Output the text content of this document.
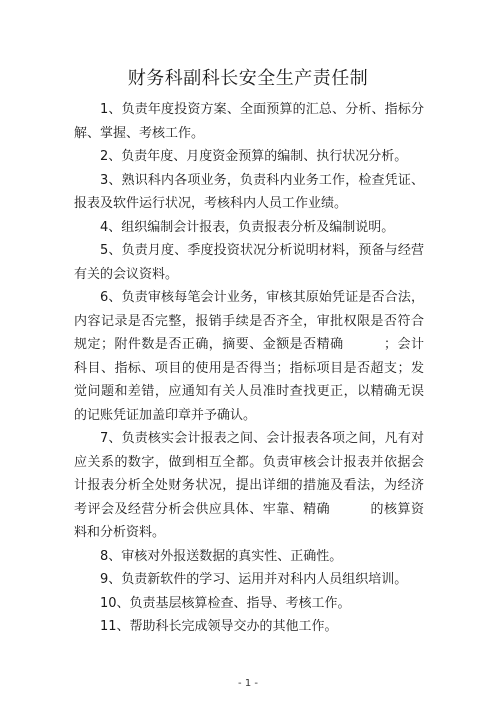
财务科副科长安全生产责任制

1、负责年度投资方案、全面预算的汇总、分析、指标分解、掌握、考核工作。

2、负责年度、月度资金预算的编制、执行状况分析。

3、熟识科内各项业务，负责科内业务工作，检查凭证、报表及软件运行状况，考核科内人员工作业绩。

4、组织编制会计报表，负责报表分析及编制说明。

5、负责月度、季度投资状况分析说明材料，预备与经营有关的会议资料。

6、负责审核每笔会计业务，审核其原始凭证是否合法，内容记录是否完整，报销手续是否齐全，审批权限是否符合规定；附件数是否正确，摘要、金额是否精确　　　；会计科目、指标、项目的使用是否得当；指标项目是否超支；发觉问题和差错，应通知有关人员准时查找更正，以精确无误的记账凭证加盖印章并予确认。

7、负责核实会计报表之间、会计报表各项之间，凡有对应关系的数字，做到相互全都。负责审核会计报表并依据会计报表分析全处财务状况，提出详细的措施及看法，为经济考评会及经营分析会供应具体、牢靠、精确　　　的核算资料和分析资料。

8、审核对外报送数据的真实性、正确性。

9、负责新软件的学习、运用并对科内人员组织培训。

10、负责基层核算检查、指导、考核工作。

11、帮助科长完成领导交办的其他工作。

- 1 -
